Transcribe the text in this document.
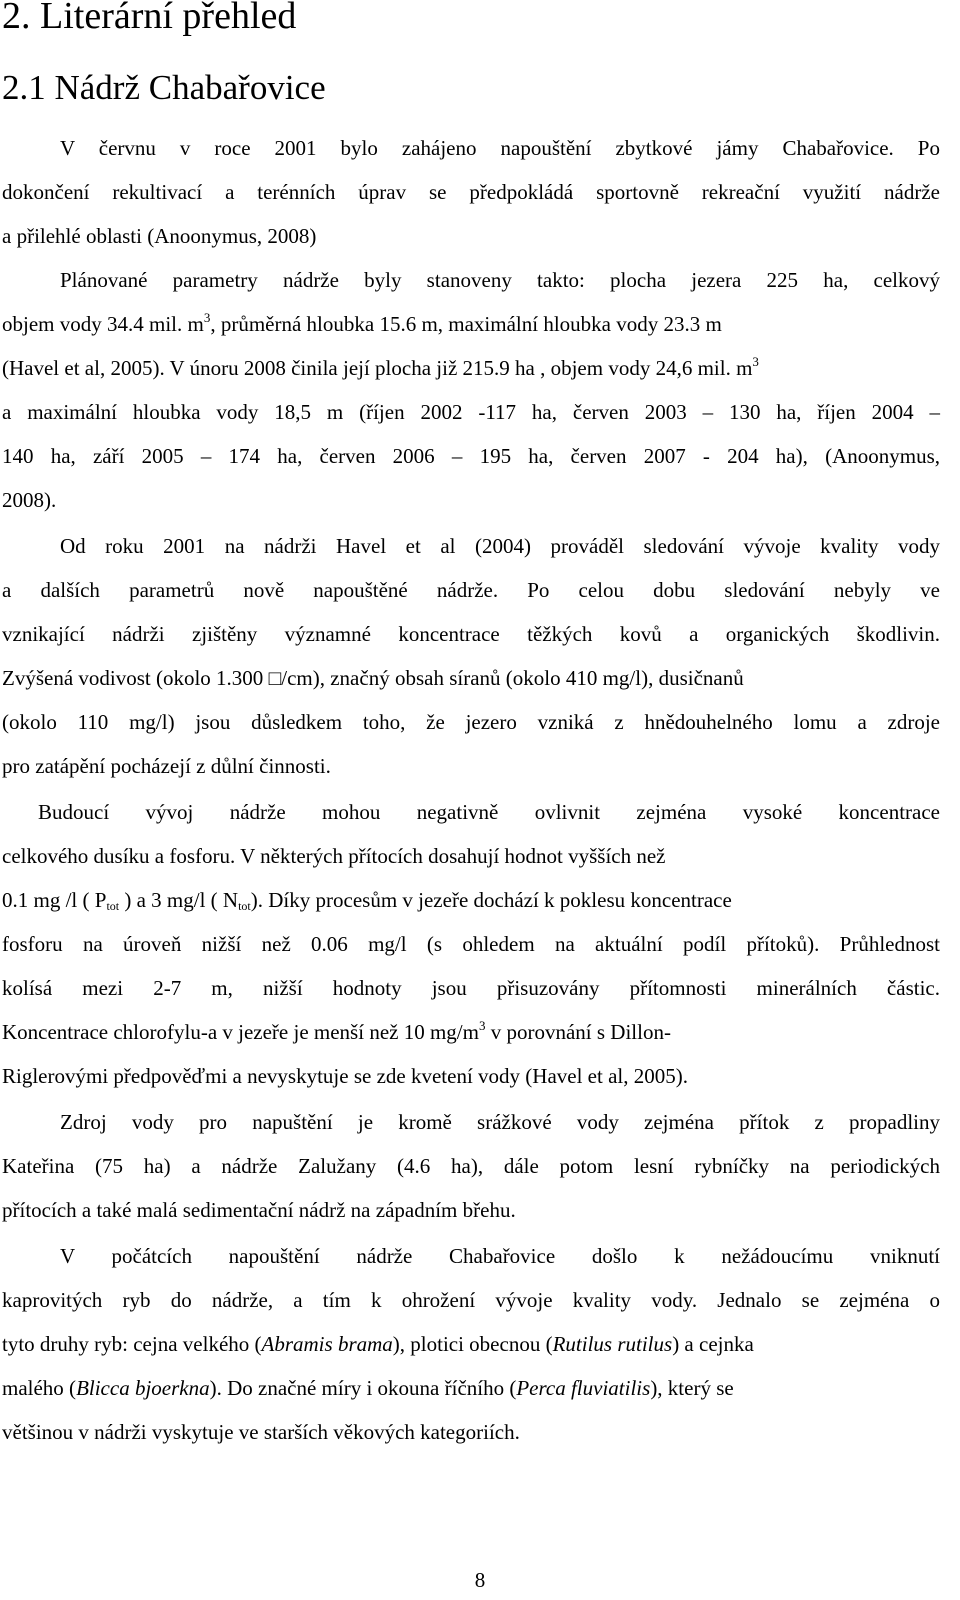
2. Literární přehled
2.1 Nádrž Chabařovice
V červnu v roce 2001 bylo zahájeno napouštění zbytkové jámy Chabařovice. Po
dokončení rekultivací a terénních úprav se předpokládá sportovně rekreační využití nádrže
a přilehlé oblasti (Anoonymus, 2008)
Plánované parametry nádrže byly stanoveny takto: plocha jezera 225 ha, celkový
objem vody 34.4 mil. $m^3$, průměrná hloubka 15.6 m, maximální hloubka vody 23.3 m
(Havel et al, 2005). V únoru 2008 činila její plocha již 215.9 ha , objem vody 24,6 mil. $m^3$
a maximální hloubka vody 18,5 m (říjen 2002 -117 ha, červen 2003 – 130 ha, říjen 2004 –
140 ha, září 2005 – 174 ha, červen 2006 – 195 ha, červen 2007 - 204 ha), (Anoonymus,
2008).
Od roku 2001 na nádrži Havel et al (2004) prováděl sledování vývoje kvality vody
a dalších parametrů nově napouštěné nádrže. Po celou dobu sledování nebyly ve
vznikající nádrži zjištěny významné koncentrace těžkých kovů a organických škodlivin.
Zvýšená vodivost (okolo 1.300 □/cm), značný obsah síranů (okolo 410 mg/l), dusičnanů
(okolo 110 mg/l) jsou důsledkem toho, že jezero vzniká z hnědouhelného lomu a zdroje
pro zatápění pocházejí z důlní činnosti.
Budoucí vývoj nádrže mohou negativně ovlivnit zejména vysoké koncentrace
celkového dusíku a fosforu. V některých přítocích dosahují hodnot vyšších než
0.1 mg /l ( $P_{tot}$ ) a 3 mg/l ( $N_{tot}$). Díky procesům v jezeře dochází k poklesu koncentrace
fosforu na úroveň nižší než 0.06 mg/l (s ohledem na aktuální podíl přítoků). Průhlednost
kolísá mezi 2-7 m, nižší hodnoty jsou přisuzovány přítomnosti minerálních částic.
Koncentrace chlorofylu-a v jezeře je menší než 10 $mg/m^3$ v porovnání s Dillon-
Riglerovými předpověďmi a nevyskytuje se zde kvetení vody (Havel et al, 2005).
Zdroj vody pro napuštění je kromě srážkové vody zejména přítok z propadliny
Kateřina (75 ha) a nádrže Zalužany (4.6 ha), dále potom lesní rybníčky na periodických
přítocích a také malá sedimentační nádrž na západním břehu.
V počátcích napouštění nádrže Chabařovice došlo k nežádoucímu vniknutí
kaprovitých ryb do nádrže, a tím k ohrožení vývoje kvality vody. Jednalo se zejména o
tyto druhy ryb: cejna velkého (Abramis brama), plotici obecnou (Rutilus rutilus) a cejnka
malého (Blicca bjoerkna). Do značné míry i okouna říčního (Perca fluviatilis), který se
většinou v nádrži vyskytuje ve starších věkových kategoriích.
8
